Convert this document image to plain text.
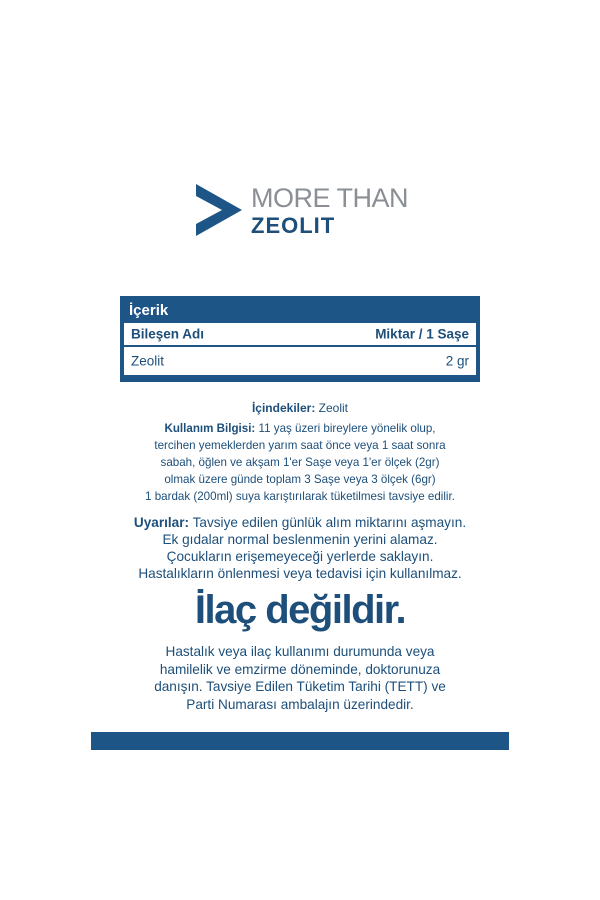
MORE THAN
ZEOLIT
İçerik
Bileşen Adı	Miktar / 1 Saşe
Zeolit	2 gr
İçindekiler: Zeolit
Kullanım Bilgisi: 11 yaş üzeri bireylere yönelik olup,
tercihen yemeklerden yarım saat önce veya 1 saat sonra
sabah, öğlen ve akşam 1'er Saşe veya 1'er ölçek (2gr)
olmak üzere günde toplam 3 Saşe veya 3 ölçek (6gr)
1 bardak (200ml) suya karıştırılarak tüketilmesi tavsiye edilir.
Uyarılar: Tavsiye edilen günlük alım miktarını aşmayın.
Ek gıdalar normal beslenmenin yerini alamaz.
Çocukların erişemeyeceği yerlerde saklayın.
Hastalıkların önlenmesi veya tedavisi için kullanılmaz.
İlaç değildir.
Hastalık veya ilaç kullanımı durumunda veya
hamilelik ve emzirme döneminde, doktorunuza
danışın. Tavsiye Edilen Tüketim Tarihi (TETT) ve
Parti Numarası ambalajın üzerindedir.
